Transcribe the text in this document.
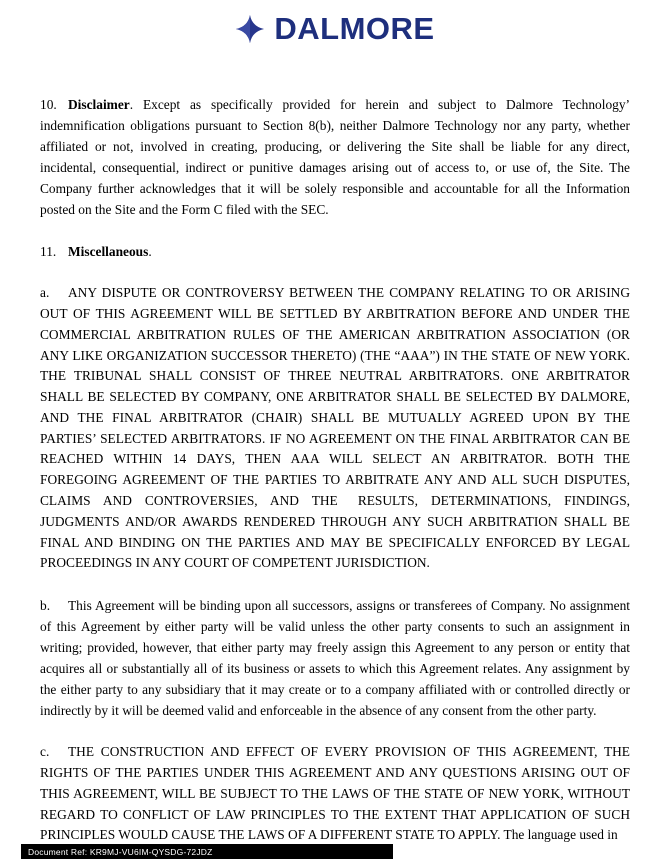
DALMORE

10. Disclaimer. Except as specifically provided for herein and subject to Dalmore Technology’ indemnification obligations pursuant to Section 8(b), neither Dalmore Technology nor any party, whether affiliated or not, involved in creating, producing, or delivering the Site shall be liable for any direct, incidental, consequential, indirect or punitive damages arising out of access to, or use of, the Site. The Company further acknowledges that it will be solely responsible and accountable for all the Information posted on the Site and the Form C filed with the SEC.

11. Miscellaneous.

a. ANY DISPUTE OR CONTROVERSY BETWEEN THE COMPANY RELATING TO OR ARISING OUT OF THIS AGREEMENT WILL BE SETTLED BY ARBITRATION BEFORE AND UNDER THE COMMERCIAL ARBITRATION RULES OF THE AMERICAN ARBITRATION ASSOCIATION (OR ANY LIKE ORGANIZATION SUCCESSOR THERETO) (THE “AAA”) IN THE STATE OF NEW YORK. THE TRIBUNAL SHALL CONSIST OF THREE NEUTRAL ARBITRATORS. ONE ARBITRATOR SHALL BE SELECTED BY COMPANY, ONE ARBITRATOR SHALL BE SELECTED BY DALMORE, AND THE FINAL ARBITRATOR (CHAIR) SHALL BE MUTUALLY AGREED UPON BY THE PARTIES’ SELECTED ARBITRATORS. IF NO AGREEMENT ON THE FINAL ARBITRATOR CAN BE REACHED WITHIN 14 DAYS, THEN AAA WILL SELECT AN ARBITRATOR. BOTH THE FOREGOING AGREEMENT OF THE PARTIES TO ARBITRATE ANY AND ALL SUCH DISPUTES, CLAIMS AND CONTROVERSIES, AND THE  RESULTS, DETERMINATIONS, FINDINGS, JUDGMENTS AND/OR AWARDS RENDERED THROUGH ANY SUCH ARBITRATION SHALL BE FINAL AND BINDING ON THE PARTIES AND MAY BE SPECIFICALLY ENFORCED BY LEGAL PROCEEDINGS IN ANY COURT OF COMPETENT JURISDICTION.

b. This Agreement will be binding upon all successors, assigns or transferees of Company. No assignment of this Agreement by either party will be valid unless the other party consents to such an assignment in writing; provided, however, that either party may freely assign this Agreement to any person or entity that acquires all or substantially all of its business or assets to which this Agreement relates. Any assignment by the either party to any subsidiary that it may create or to a company affiliated with or controlled directly or indirectly by it will be deemed valid and enforceable in the absence of any consent from the other party.

c. THE CONSTRUCTION AND EFFECT OF EVERY PROVISION OF THIS AGREEMENT, THE RIGHTS OF THE PARTIES UNDER THIS AGREEMENT AND ANY QUESTIONS ARISING OUT OF THIS AGREEMENT, WILL BE SUBJECT TO THE LAWS OF THE STATE OF NEW YORK, WITHOUT REGARD TO CONFLICT OF LAW PRINCIPLES TO THE EXTENT THAT APPLICATION OF SUCH PRINCIPLES WOULD CAUSE THE LAWS OF A DIFFERENT STATE TO APPLY. The language used in

Document Ref: KR9MJ-VU6IM-QYSDG-72JDZ
